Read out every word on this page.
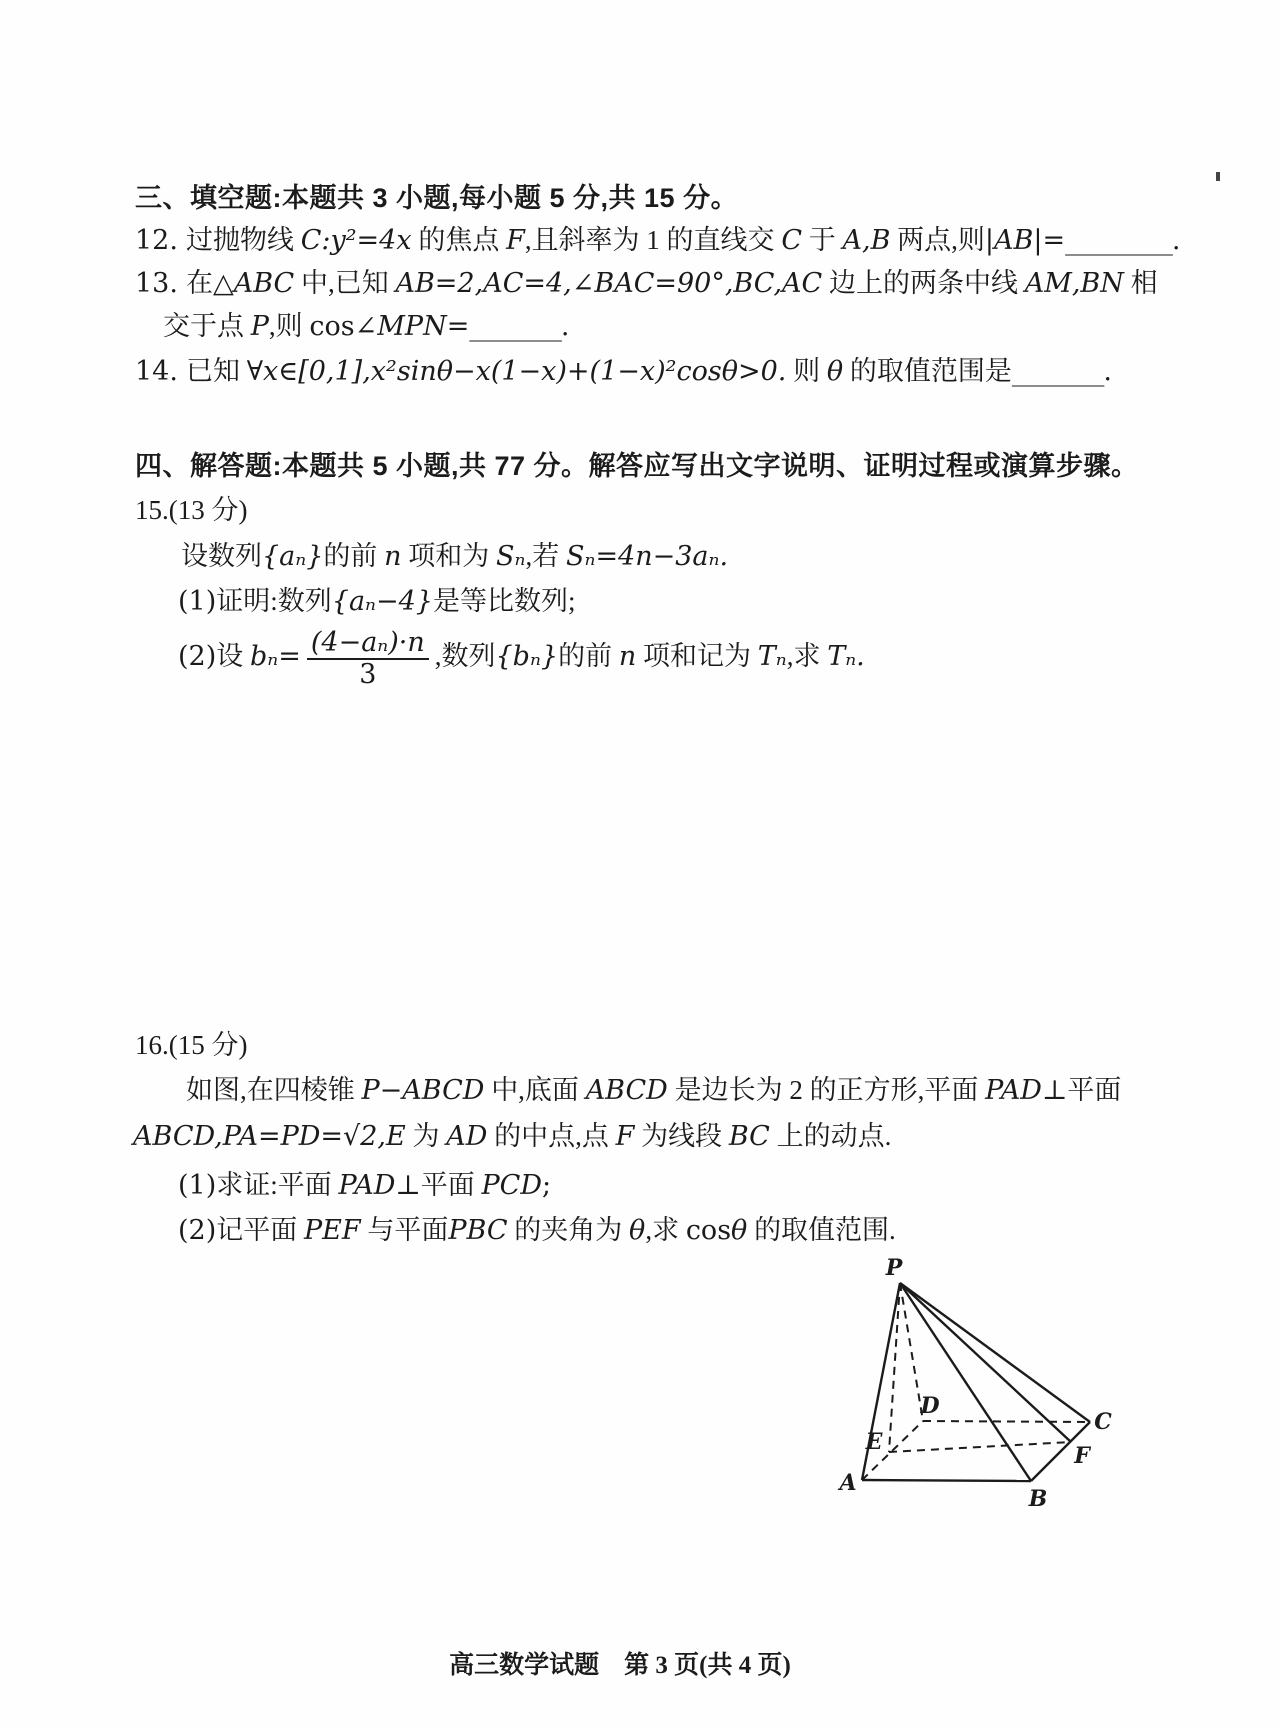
三、填空题:本题共 3 小题,每小题 5 分,共 15 分。
12. 过抛物线 C:y²=4x 的焦点 F,且斜率为 1 的直线交 C 于 A,B 两点,则|AB|=_______.
13. 在△ABC 中,已知 AB=2,AC=4,∠BAC=90°,BC,AC 边上的两条中线 AM,BN 相
交于点 P,则 cos∠MPN=______.
14. 已知 ∀x∈[0,1],x²sinθ−x(1−x)+(1−x)²cosθ>0. 则 θ 的取值范围是______.
四、解答题:本题共 5 小题,共 77 分。解答应写出文字说明、证明过程或演算步骤。
15.(13 分)
设数列{aₙ}的前 n 项和为 Sₙ,若 Sₙ=4n−3aₙ.
(1)证明:数列{aₙ−4}是等比数列;
(2)设 $b_n= \frac{\text{(4−aₙ)·n}}{3}$ ,数列{bₙ}的前 n 项和记为 Tₙ,求 Tₙ.
16.(15 分)
如图,在四棱锥 P−ABCD 中,底面 ABCD 是边长为 2 的正方形,平面 PAD⊥平面
ABCD,PA=PD=√2,E 为 AD 的中点,点 F 为线段 BC 上的动点.
(1)求证:平面 PAD⊥平面 PCD;
(2)记平面 PEF 与平面PBC 的夹角为 θ,求 cosθ 的取值范围.
P
A
B
C
D
E
F
高三数学试题　第 3 页(共 4 页)
